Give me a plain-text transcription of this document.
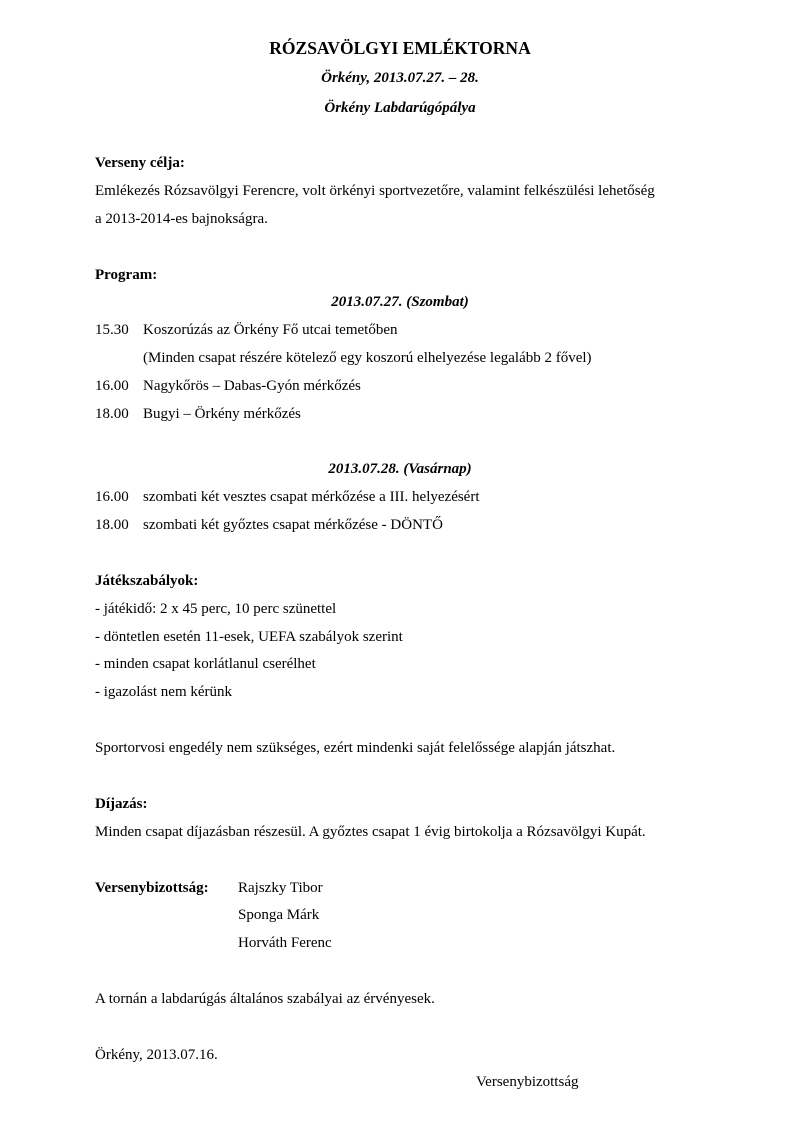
RÓZSAVÖLGYI EMLÉKTORNA
Örkény, 2013.07.27. – 28.
Örkény Labdarúgópálya
Verseny célja:
Emlékezés Rózsavölgyi Ferencre, volt örkényi sportvezetőre, valamint felkészülési lehetőség
a 2013-2014-es bajnokságra.
Program:
2013.07.27. (Szombat)
15.30 Koszorúzás az Örkény Fő utcai temetőben
(Minden csapat részére kötelező egy koszorú elhelyezése legalább 2 fővel)
16.00 Nagykőrös – Dabas-Gyón mérkőzés
18.00 Bugyi – Örkény mérkőzés
2013.07.28. (Vasárnap)
16.00 szombati két vesztes csapat mérkőzése a III. helyezésért
18.00 szombati két győztes csapat mérkőzése - DÖNTŐ
Játékszabályok:
- játékidő: 2 x 45 perc, 10 perc szünettel
- döntetlen esetén 11-esek, UEFA szabályok szerint
- minden csapat korlátlanul cserélhet
- igazolást nem kérünk
Sportorvosi engedély nem szükséges, ezért mindenki saját felelőssége alapján játszhat.
Díjazás:
Minden csapat díjazásban részesül. A győztes csapat 1 évig birtokolja a Rózsavölgyi Kupát.
Versenybizottság: Rajszky Tibor
Sponga Márk
Horváth Ferenc
A tornán a labdarúgás általános szabályai az érvényesek.
Örkény, 2013.07.16.
Versenybizottság
